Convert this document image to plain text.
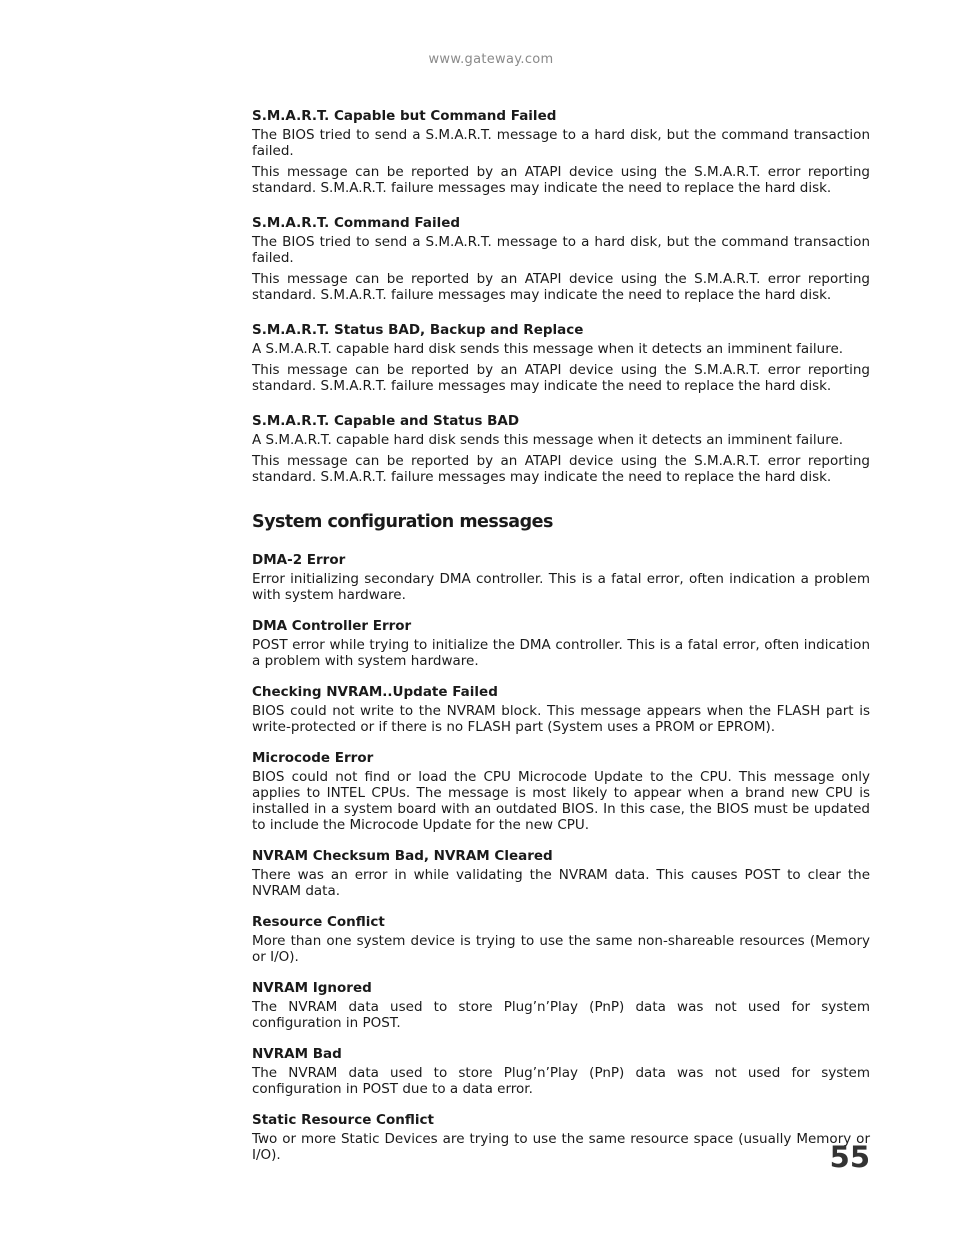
www.gateway.com
S.M.A.R.T. Capable but Command Failed

The BIOS tried to send a S.M.A.R.T. message to a hard disk, but the command transaction failed.

This message can be reported by an ATAPI device using the S.M.A.R.T. error reporting standard. S.M.A.R.T. failure messages may indicate the need to replace the hard disk.

S.M.A.R.T. Command Failed

The BIOS tried to send a S.M.A.R.T. message to a hard disk, but the command transaction failed.

This message can be reported by an ATAPI device using the S.M.A.R.T. error reporting standard. S.M.A.R.T. failure messages may indicate the need to replace the hard disk.

S.M.A.R.T. Status BAD, Backup and Replace

A S.M.A.R.T. capable hard disk sends this message when it detects an imminent failure.

This message can be reported by an ATAPI device using the S.M.A.R.T. error reporting standard. S.M.A.R.T. failure messages may indicate the need to replace the hard disk.

S.M.A.R.T. Capable and Status BAD

A S.M.A.R.T. capable hard disk sends this message when it detects an imminent failure.

This message can be reported by an ATAPI device using the S.M.A.R.T. error reporting standard. S.M.A.R.T. failure messages may indicate the need to replace the hard disk.

System configuration messages
DMA-2 Error

Error initializing secondary DMA controller. This is a fatal error, often indication a problem with system hardware.

DMA Controller Error

POST error while trying to initialize the DMA controller. This is a fatal error, often indication a problem with system hardware.

Checking NVRAM..Update Failed

BIOS could not write to the NVRAM block. This message appears when the FLASH part is write-protected or if there is no FLASH part (System uses a PROM or EPROM).

Microcode Error

BIOS could not find or load the CPU Microcode Update to the CPU. This message only applies to INTEL CPUs. The message is most likely to appear when a brand new CPU is installed in a system board with an outdated BIOS. In this case, the BIOS must be updated to include the Microcode Update for the new CPU.

NVRAM Checksum Bad, NVRAM Cleared

There was an error in while validating the NVRAM data. This causes POST to clear the NVRAM data.

Resource Conflict

More than one system device is trying to use the same non-shareable resources (Memory or I/O).

NVRAM Ignored

The NVRAM data used to store Plug’n’Play (PnP) data was not used for system configuration in POST.

NVRAM Bad

The NVRAM data used to store Plug’n’Play (PnP) data was not used for system configuration in POST due to a data error.

Static Resource Conflict

Two or more Static Devices are trying to use the same resource space (usually Memory or I/O).	55
